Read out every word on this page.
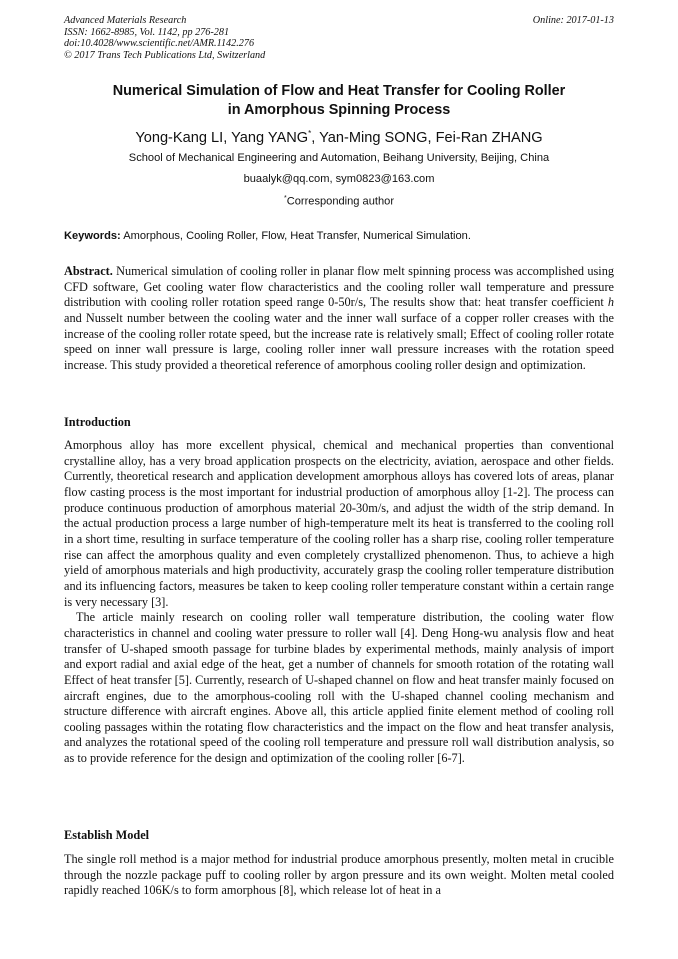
Advanced Materials Research
ISSN: 1662-8985, Vol. 1142, pp 276-281
doi:10.4028/www.scientific.net/AMR.1142.276
© 2017 Trans Tech Publications Ltd, Switzerland
Online: 2017-01-13
Numerical Simulation of Flow and Heat Transfer for Cooling Roller
in Amorphous Spinning Process
Yong-Kang LI, Yang YANG*, Yan-Ming SONG, Fei-Ran ZHANG
School of Mechanical Engineering and Automation, Beihang University, Beijing, China
buaalyk@qq.com, sym0823@163.com
*Corresponding author
Keywords: Amorphous, Cooling Roller, Flow, Heat Transfer, Numerical Simulation.
Abstract. Numerical simulation of cooling roller in planar flow melt spinning process was accomplished using CFD software, Get cooling water flow characteristics and the cooling roller wall temperature and pressure distribution with cooling roller rotation speed range 0-50r/s, The results show that: heat transfer coefficient h and Nusselt number between the cooling water and the inner wall surface of a copper roller creases with the increase of the cooling roller rotate speed, but the increase rate is relatively small; Effect of cooling roller rotate speed on inner wall pressure is large, cooling roller inner wall pressure increases with the rotation speed increase. This study provided a theoretical reference of amorphous cooling roller design and optimization.
Introduction

Amorphous alloy has more excellent physical, chemical and mechanical properties than conventional crystalline alloy, has a very broad application prospects on the electricity, aviation, aerospace and other fields. Currently, theoretical research and application development amorphous alloys has covered lots of areas, planar flow casting process is the most important for industrial production of amorphous alloy [1-2]. The process can produce continuous production of amorphous material 20-30m/s, and adjust the width of the strip demand. In the actual production process a large number of high-temperature melt its heat is transferred to the cooling roll in a short time, resulting in surface temperature of the cooling roller has a sharp rise, cooling roller temperature rise can affect the amorphous quality and even completely crystallized phenomenon. Thus, to achieve a high yield of amorphous materials and high productivity, accurately grasp the cooling roller temperature distribution and its influencing factors, measures be taken to keep cooling roller temperature constant within a certain range is very necessary [3].

The article mainly research on cooling roller wall temperature distribution, the cooling water flow characteristics in channel and cooling water pressure to roller wall [4]. Deng Hong-wu analysis flow and heat transfer of U-shaped smooth passage for turbine blades by experimental methods, mainly analysis of import and export radial and axial edge of the heat, get a number of channels for smooth rotation of the rotating wall Effect of heat transfer [5]. Currently, research of U-shaped channel on flow and heat transfer mainly focused on aircraft engines, due to the amorphous-cooling roll with the U-shaped channel cooling mechanism and structure difference with aircraft engines. Above all, this article applied finite element method of cooling roll cooling passages within the rotating flow characteristics and the impact on the flow and heat transfer analysis, and analyzes the rotational speed of the cooling roll temperature and pressure roll wall distribution analysis, so as to provide reference for the design and optimization of the cooling roller [6-7].

Establish Model

The single roll method is a major method for industrial produce amorphous presently, molten metal in crucible through the nozzle package puff to cooling roller by argon pressure and its own weight. Molten metal cooled rapidly reached 106K/s to form amorphous [8], which release lot of heat in a
